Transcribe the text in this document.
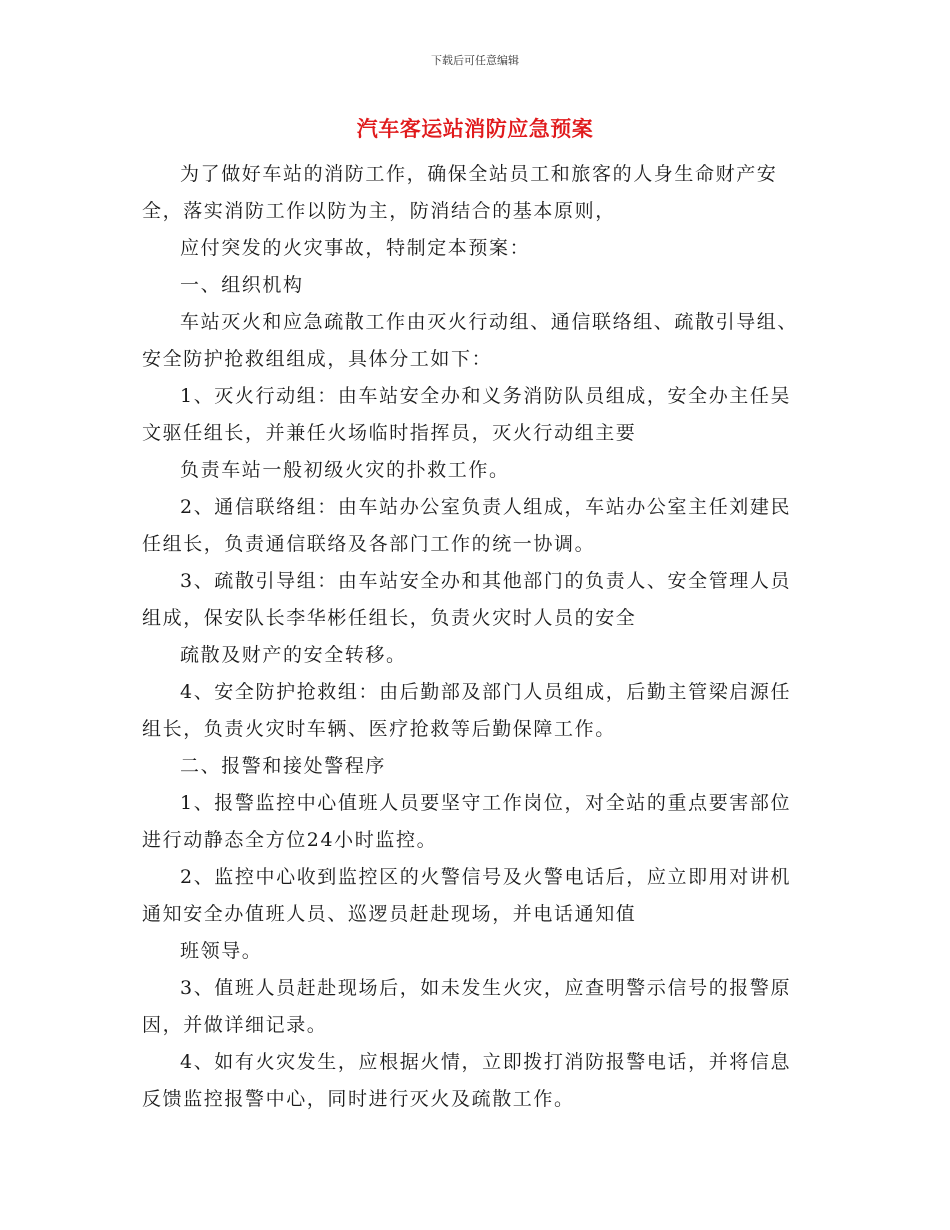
下载后可任意编辑
汽车客运站消防应急预案

为了做好车站的消防工作，确保全站员工和旅客的人身生命财产安全，落实消防工作以防为主，防消结合的基本原则，

应付突发的火灾事故，特制定本预案：

一、组织机构

车站灭火和应急疏散工作由灭火行动组、通信联络组、疏散引导组、安全防护抢救组组成，具体分工如下：

1、灭火行动组：由车站安全办和义务消防队员组成，安全办主任吴文驱任组长，并兼任火场临时指挥员，灭火行动组主要

负责车站一般初级火灾的扑救工作。

2、通信联络组：由车站办公室负责人组成，车站办公室主任刘建民任组长，负责通信联络及各部门工作的统一协调。

3、疏散引导组：由车站安全办和其他部门的负责人、安全管理人员组成，保安队长李华彬任组长，负责火灾时人员的安全

疏散及财产的安全转移。

4、安全防护抢救组：由后勤部及部门人员组成，后勤主管梁启源任组长，负责火灾时车辆、医疗抢救等后勤保障工作。

二、报警和接处警程序

1、报警监控中心值班人员要坚守工作岗位，对全站的重点要害部位进行动静态全方位24小时监控。

2、监控中心收到监控区的火警信号及火警电话后，应立即用对讲机通知安全办值班人员、巡逻员赶赴现场，并电话通知值

班领导。

3、值班人员赶赴现场后，如未发生火灾，应查明警示信号的报警原因，并做详细记录。

4、如有火灾发生，应根据火情，立即拨打消防报警电话，并将信息反馈监控报警中心，同时进行灭火及疏散工作。
